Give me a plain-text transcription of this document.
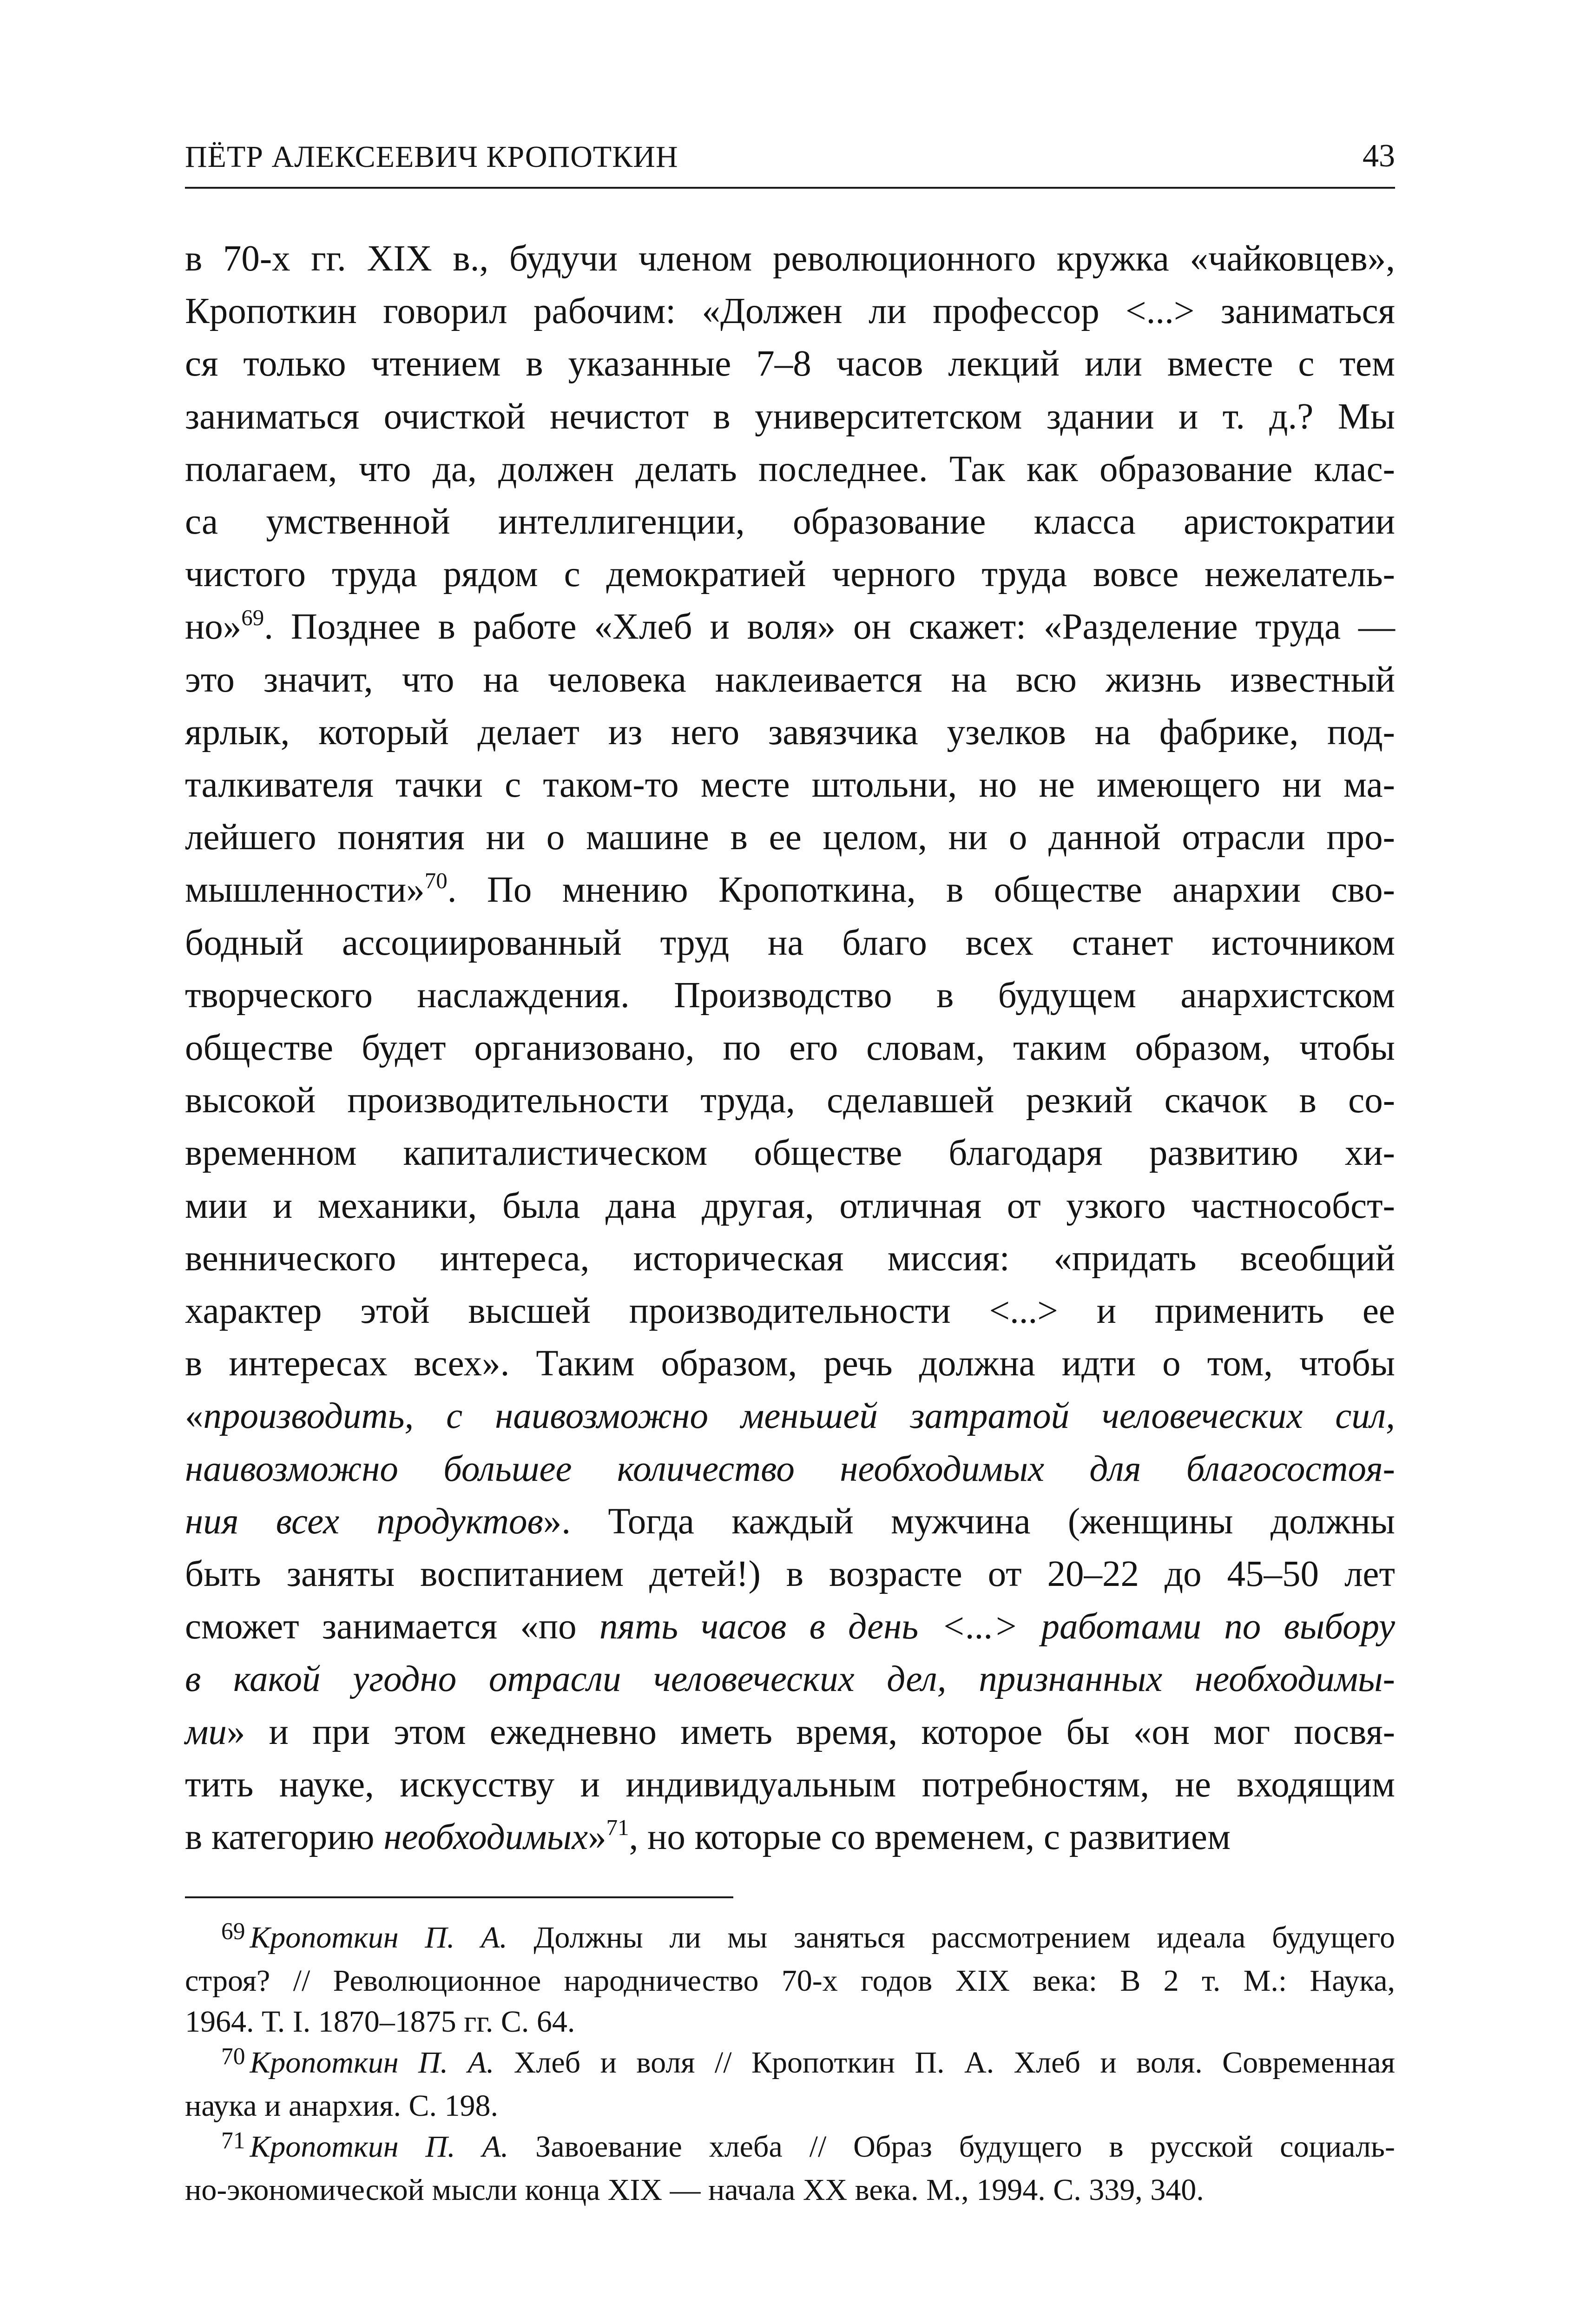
ПЁТР АЛЕКСЕЕВИЧ КРОПОТКИН	43
в 70-х гг. XIX в., будучи членом революционного кружка «чайковцев»,
Кропоткин говорил рабочим: «Должен ли профессор <...> заниматься
ся только чтением в указанные 7–8 часов лекций или вместе с тем
заниматься очисткой нечистот в университетском здании и т. д.? Мы
полагаем, что да, должен делать последнее. Так как образование клас-
са умственной интеллигенции, образование класса аристократии
чистого труда рядом с демократией черного труда вовсе нежелатель-
но»$^{69}$. Позднее в работе «Хлеб и воля» он скажет: «Разделение труда —
это значит, что на человека наклеивается на всю жизнь известный
ярлык, который делает из него завязчика узелков на фабрике, под-
талкивателя тачки с таком-то месте штольни, но не имеющего ни ма-
лейшего понятия ни о машине в ее целом, ни о данной отрасли про-
мышленности»$^{70}$. По мнению Кропоткина, в обществе анархии сво-
бодный ассоциированный труд на благо всех станет источником
творческого наслаждения. Производство в будущем анархистском
обществе будет организовано, по его словам, таким образом, чтобы
высокой производительности труда, сделавшей резкий скачок в со-
временном капиталистическом обществе благодаря развитию хи-
мии и механики, была дана другая, отличная от узкого частнособст-
веннического интереса, историческая миссия: «придать всеобщий
характер этой высшей производительности <...> и применить ее
в интересах всех». Таким образом, речь должна идти о том, чтобы
«производить, с наивозможно меньшей затратой человеческих сил,
наивозможно большее количество необходимых для благосостоя-
ния всех продуктов». Тогда каждый мужчина (женщины должны
быть заняты воспитанием детей!) в возрасте от 20–22 до 45–50 лет
сможет занимается «по пять часов в день <...> работами по выбору
в какой угодно отрасли человеческих дел, признанных необходимы-
ми» и при этом ежедневно иметь время, которое бы «он мог посвя-
тить науке, искусству и индивидуальным потребностям, не входящим
в категорию необходимых»$^{71}$, но которые со временем, с развитием
$^{69}$ Кропоткин П. А. Должны ли мы заняться рассмотрением идеала будущего
строя? // Революционное народничество 70-х годов XIX века: В 2 т. М.: Наука,
1964. Т. I. 1870–1875 гг. С. 64.
$^{70}$ Кропоткин П. А. Хлеб и воля // Кропоткин П. А. Хлеб и воля. Современная
наука и анархия. С. 198.
$^{71}$ Кропоткин П. А. Завоевание хлеба // Образ будущего в русской социаль-
но-экономической мысли конца XIX — начала XX века. М., 1994. С. 339, 340.
